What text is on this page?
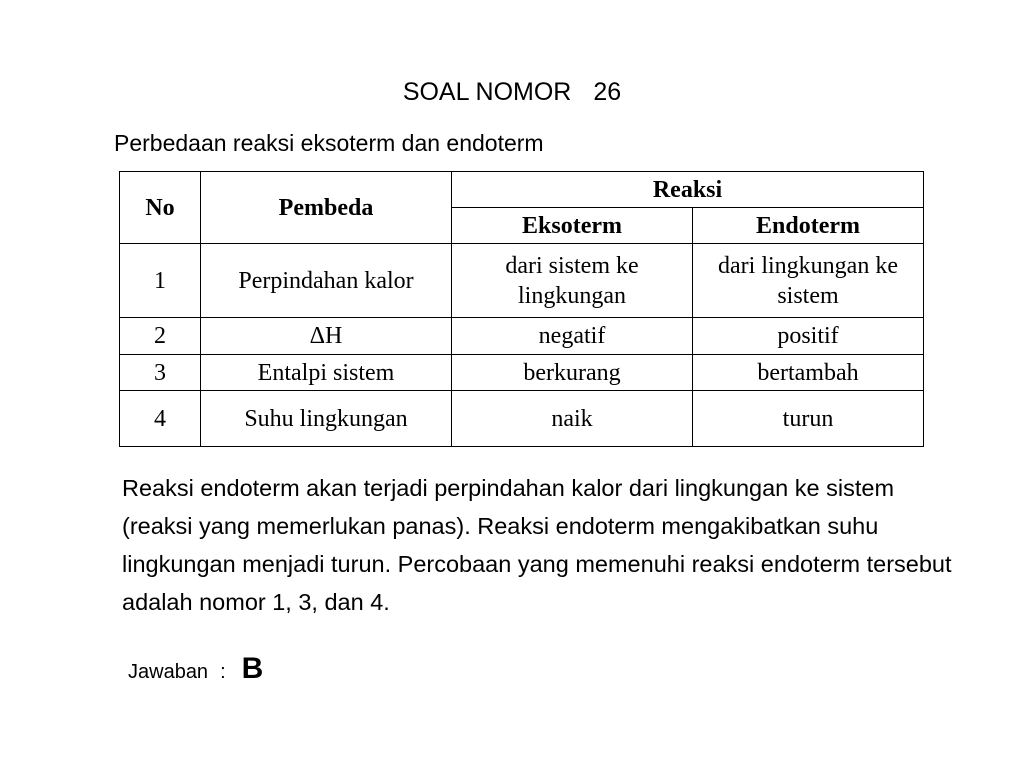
SOAL NOMOR 26
Perbedaan reaksi eksoterm dan endoterm
No	Pembeda	Reaksi	
		Eksoterm	Endoterm
1	Perpindahan kalor	dari sistem ke lingkungan	dari lingkungan ke sistem
2	ΔH	negatif	positif
3	Entalpi sistem	berkurang	bertambah
4	Suhu lingkungan	naik	turun
Reaksi endoterm akan terjadi perpindahan kalor dari lingkungan ke sistem (reaksi yang memerlukan panas). Reaksi endoterm mengakibatkan suhu lingkungan menjadi turun. Percobaan yang memenuhi reaksi endoterm tersebut adalah nomor 1, 3, dan 4.
Jawaban : B
